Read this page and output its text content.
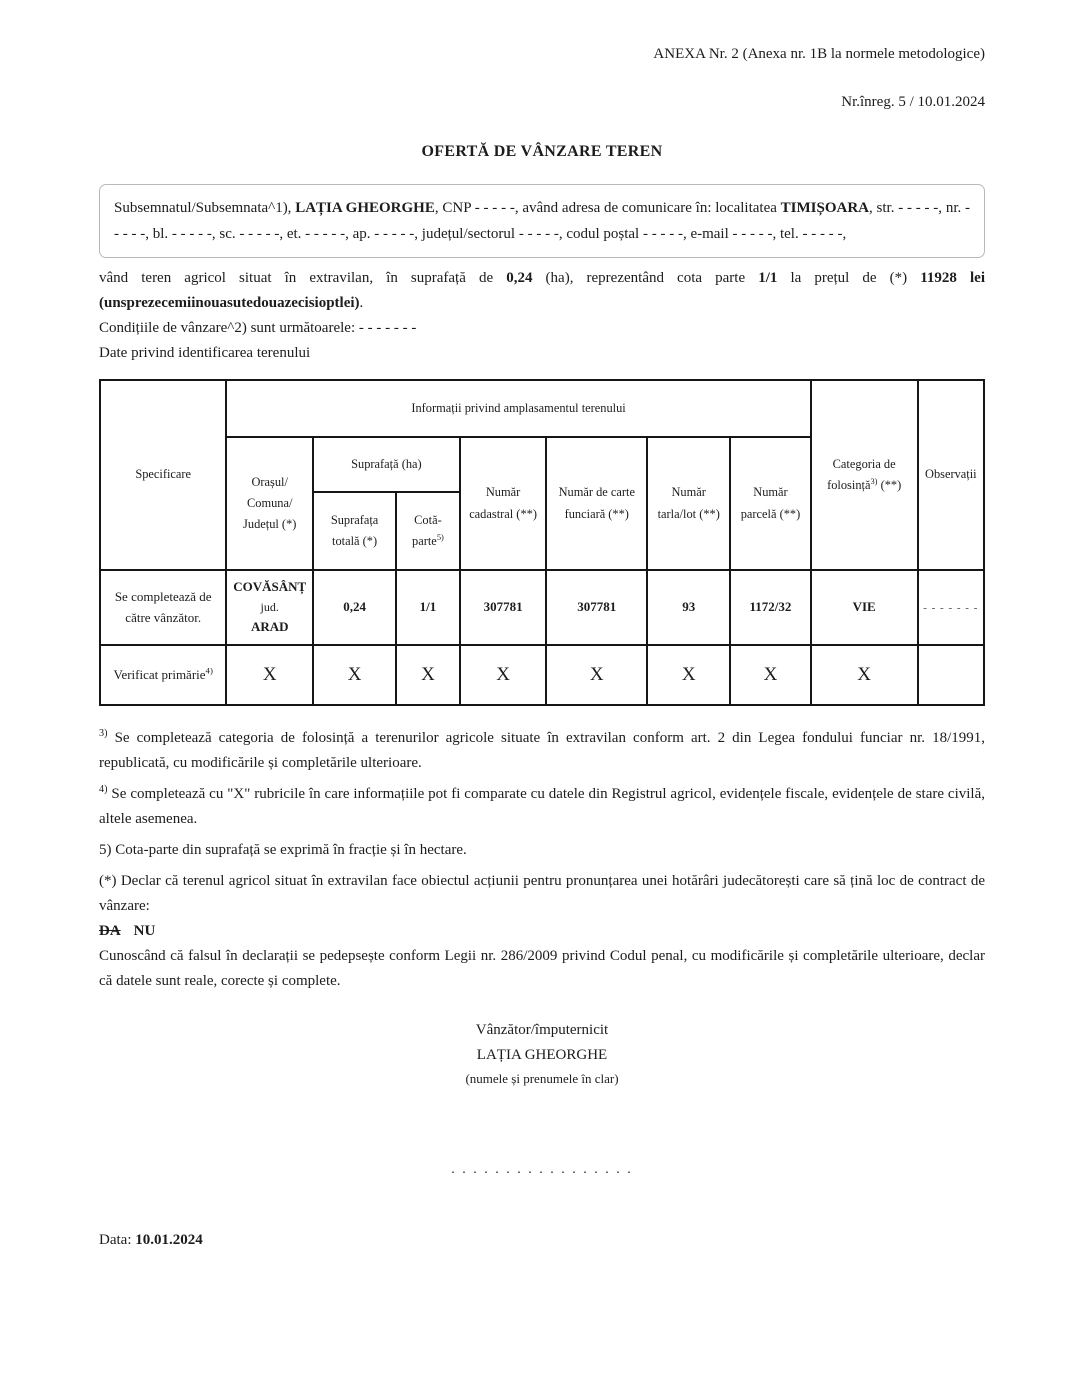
ANEXA Nr. 2 (Anexa nr. 1B la normele metodologice)
Nr.înreg. 5 / 10.01.2024
OFERTĂ DE VÂNZARE TEREN

Subsemnatul/Subsemnata^1), LAȚIA GHEORGHE, CNP - - - - -, având adresa de comunicare în: localitatea TIMIȘOARA, str. - - - - -, nr. - - - - -, bl. - - - - -, sc. - - - - -, et. - - - - -, ap. - - - - -, județul/sectorul - - - - -, codul poștal - - - - -, e-mail - - - - -, tel. - - - - -,

vând teren agricol situat în extravilan, în suprafață de 0,24 (ha), reprezentând cota parte 1/1 la prețul de (*) 11928 lei (unsprezecemiinouasutedouazecisioptlei).

Condițiile de vânzare^2) sunt următoarele: - - - - - - -

Date privind identificarea terenului

Specificare	Informații privind amplasamentul terenului							Categoria de folosință$^{3)}$ (**)	Observații
	Orașul/ Comuna/ Județul (*)	Suprafață (ha)		Număr cadastral (**)	Număr de carte funciară (**)	Număr tarla/lot (**)	Număr parcelă (**)		
		Suprafața totală (*)	Cotă-parte$^{5)}$
Se completează de către vânzător.	COVĂSÂNȚ
jud.
ARAD	0,24	1/1	307781	307781	93	1172/32	VIE	- - - - - - -
Verificat primărie$^{4)}$	X	X	X	X	X	X	X	X	

$^{3)}$ Se completează categoria de folosință a terenurilor agricole situate în extravilan conform art. 2 din Legea fondului funciar nr. 18/1991, republicată, cu modificările și completările ulterioare.

$^{4)}$ Se completează cu "X" rubricile în care informațiile pot fi comparate cu datele din Registrul agricol, evidențele fiscale, evidențele de stare civilă, altele asemenea.

5) Cota-parte din suprafață se exprimă în fracție și în hectare.

(*) Declar că terenul agricol situat în extravilan face obiectul acțiunii pentru pronunțarea unei hotărâri judecătorești care să țină loc de contract de vânzare:

DA NU

Cunoscând că falsul în declarații se pedepsește conform Legii nr. 286/2009 privind Codul penal, cu modificările și completările ulterioare, declar că datele sunt reale, corecte și complete.

Vânzător/împuternicit
LAȚIA GHEORGHE
(numele și prenumele în clar)
. . . . . . . . . . . . . . . . .
Data: 10.01.2024
